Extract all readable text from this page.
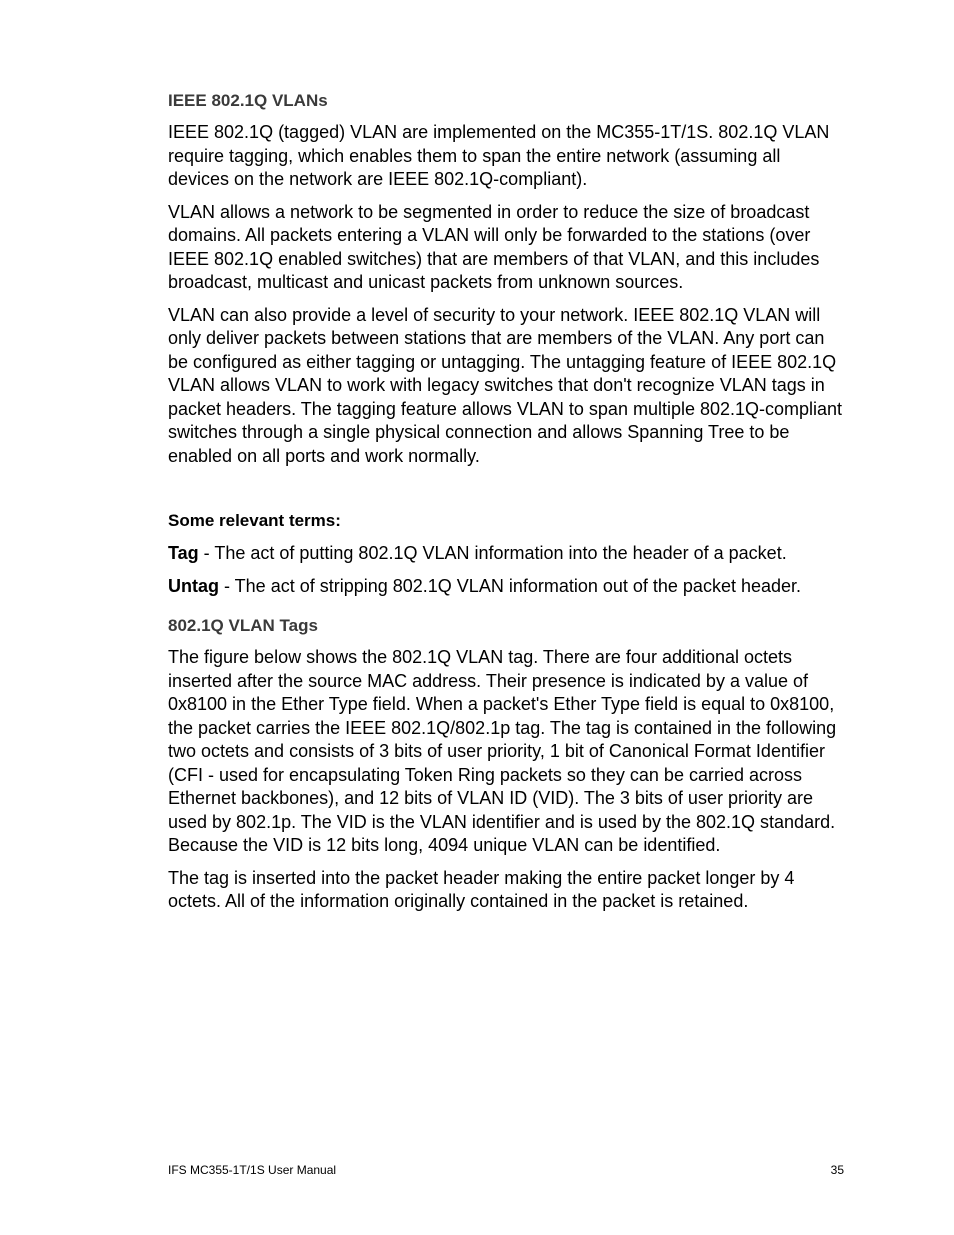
IEEE 802.1Q VLANs

IEEE 802.1Q (tagged) VLAN are implemented on the MC355-1T/1S. 802.1Q VLAN require tagging, which enables them to span the entire network (assuming all devices on the network are IEEE 802.1Q-compliant).

VLAN allows a network to be segmented in order to reduce the size of broadcast domains. All packets entering a VLAN will only be forwarded to the stations (over IEEE 802.1Q enabled switches) that are members of that VLAN, and this includes broadcast, multicast and unicast packets from unknown sources.

VLAN can also provide a level of security to your network. IEEE 802.1Q VLAN will only deliver packets between stations that are members of the VLAN. Any port can be configured as either tagging or untagging. The untagging feature of IEEE 802.1Q VLAN allows VLAN to work with legacy switches that don't recognize VLAN tags in packet headers. The tagging feature allows VLAN to span multiple 802.1Q-compliant switches through a single physical connection and allows Spanning Tree to be enabled on all ports and work normally.

Some relevant terms:

Tag - The act of putting 802.1Q VLAN information into the header of a packet.

Untag - The act of stripping 802.1Q VLAN information out of the packet header.

802.1Q VLAN Tags

The figure below shows the 802.1Q VLAN tag. There are four additional octets inserted after the source MAC address. Their presence is indicated by a value of 0x8100 in the Ether Type field. When a packet's Ether Type field is equal to 0x8100, the packet carries the IEEE 802.1Q/802.1p tag. The tag is contained in the following two octets and consists of 3 bits of user priority, 1 bit of Canonical Format Identifier (CFI - used for encapsulating Token Ring packets so they can be carried across Ethernet backbones), and 12 bits of VLAN ID (VID). The 3 bits of user priority are used by 802.1p. The VID is the VLAN identifier and is used by the 802.1Q standard. Because the VID is 12 bits long, 4094 unique VLAN can be identified.

The tag is inserted into the packet header making the entire packet longer by 4 octets. All of the information originally contained in the packet is retained.

IFS MC355-1T/1S User Manual	35
